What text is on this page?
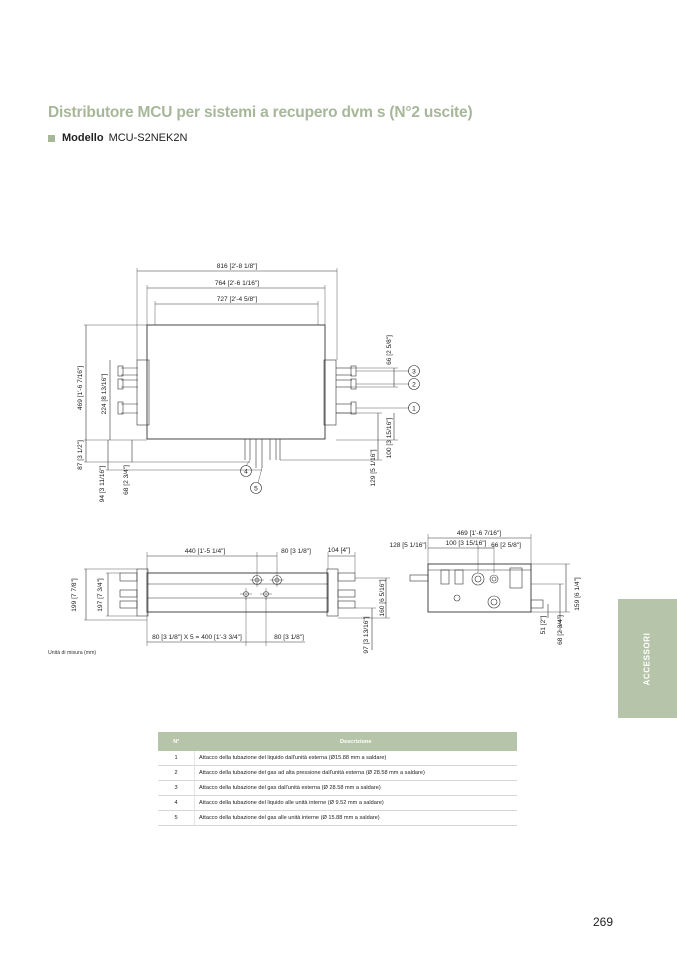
Distributore MCU per sistemi a recupero dvm s (N°2 uscite)
Modello MCU-S2NEK2N
816 [2'-8 1/8"]
764 [2'-6 1/16"]
727 [2'-4 5/8"]
469 [1'-6 7/16"]	224 [8 13/16"]
87 [3 1/2"]
94 [3 11/16"]	68 [2 3/4"]
66 [2 5/8"]
100 [3 15/16"]
129 [5 1/16"]
3
2
1
4
5
440 [1'-5 1/4"]	80 [3 1/8"]	104 [4"]
199 [7 7/8"]	197 [7 3/4"]	160 [6 5/16"]
97 [3 13/16"]
80 [3 1/8"] X 5 = 400 [1'-3 3/4"]	80 [3 1/8"]
469 [1'-6 7/16"]
128 [5 1/16"]	100 [3 15/16"] 66 [2 5/8"]
159 [6 1/4"]
51 [2"] 68 [2 3/4"]
Unità di misura (mm)	ACCESSORI
N°	Descrizione
1	Attacco della tubazione del liquido dall'unità esterna (Ø15.88 mm a saldare)
2	Attacco della tubazione del gas ad alta pressione dall'unità esterna (Ø 28.58 mm a saldare)
3	Attacco della tubazione del gas dall'unità esterna (Ø 28.58 mm a saldare)
4	Attacco della tubazione del liquido alle unità interne (Ø 9.52 mm a saldare)
5	Attacco della tubazione del gas alle unità interne (Ø 15.88 mm a saldare)
269
